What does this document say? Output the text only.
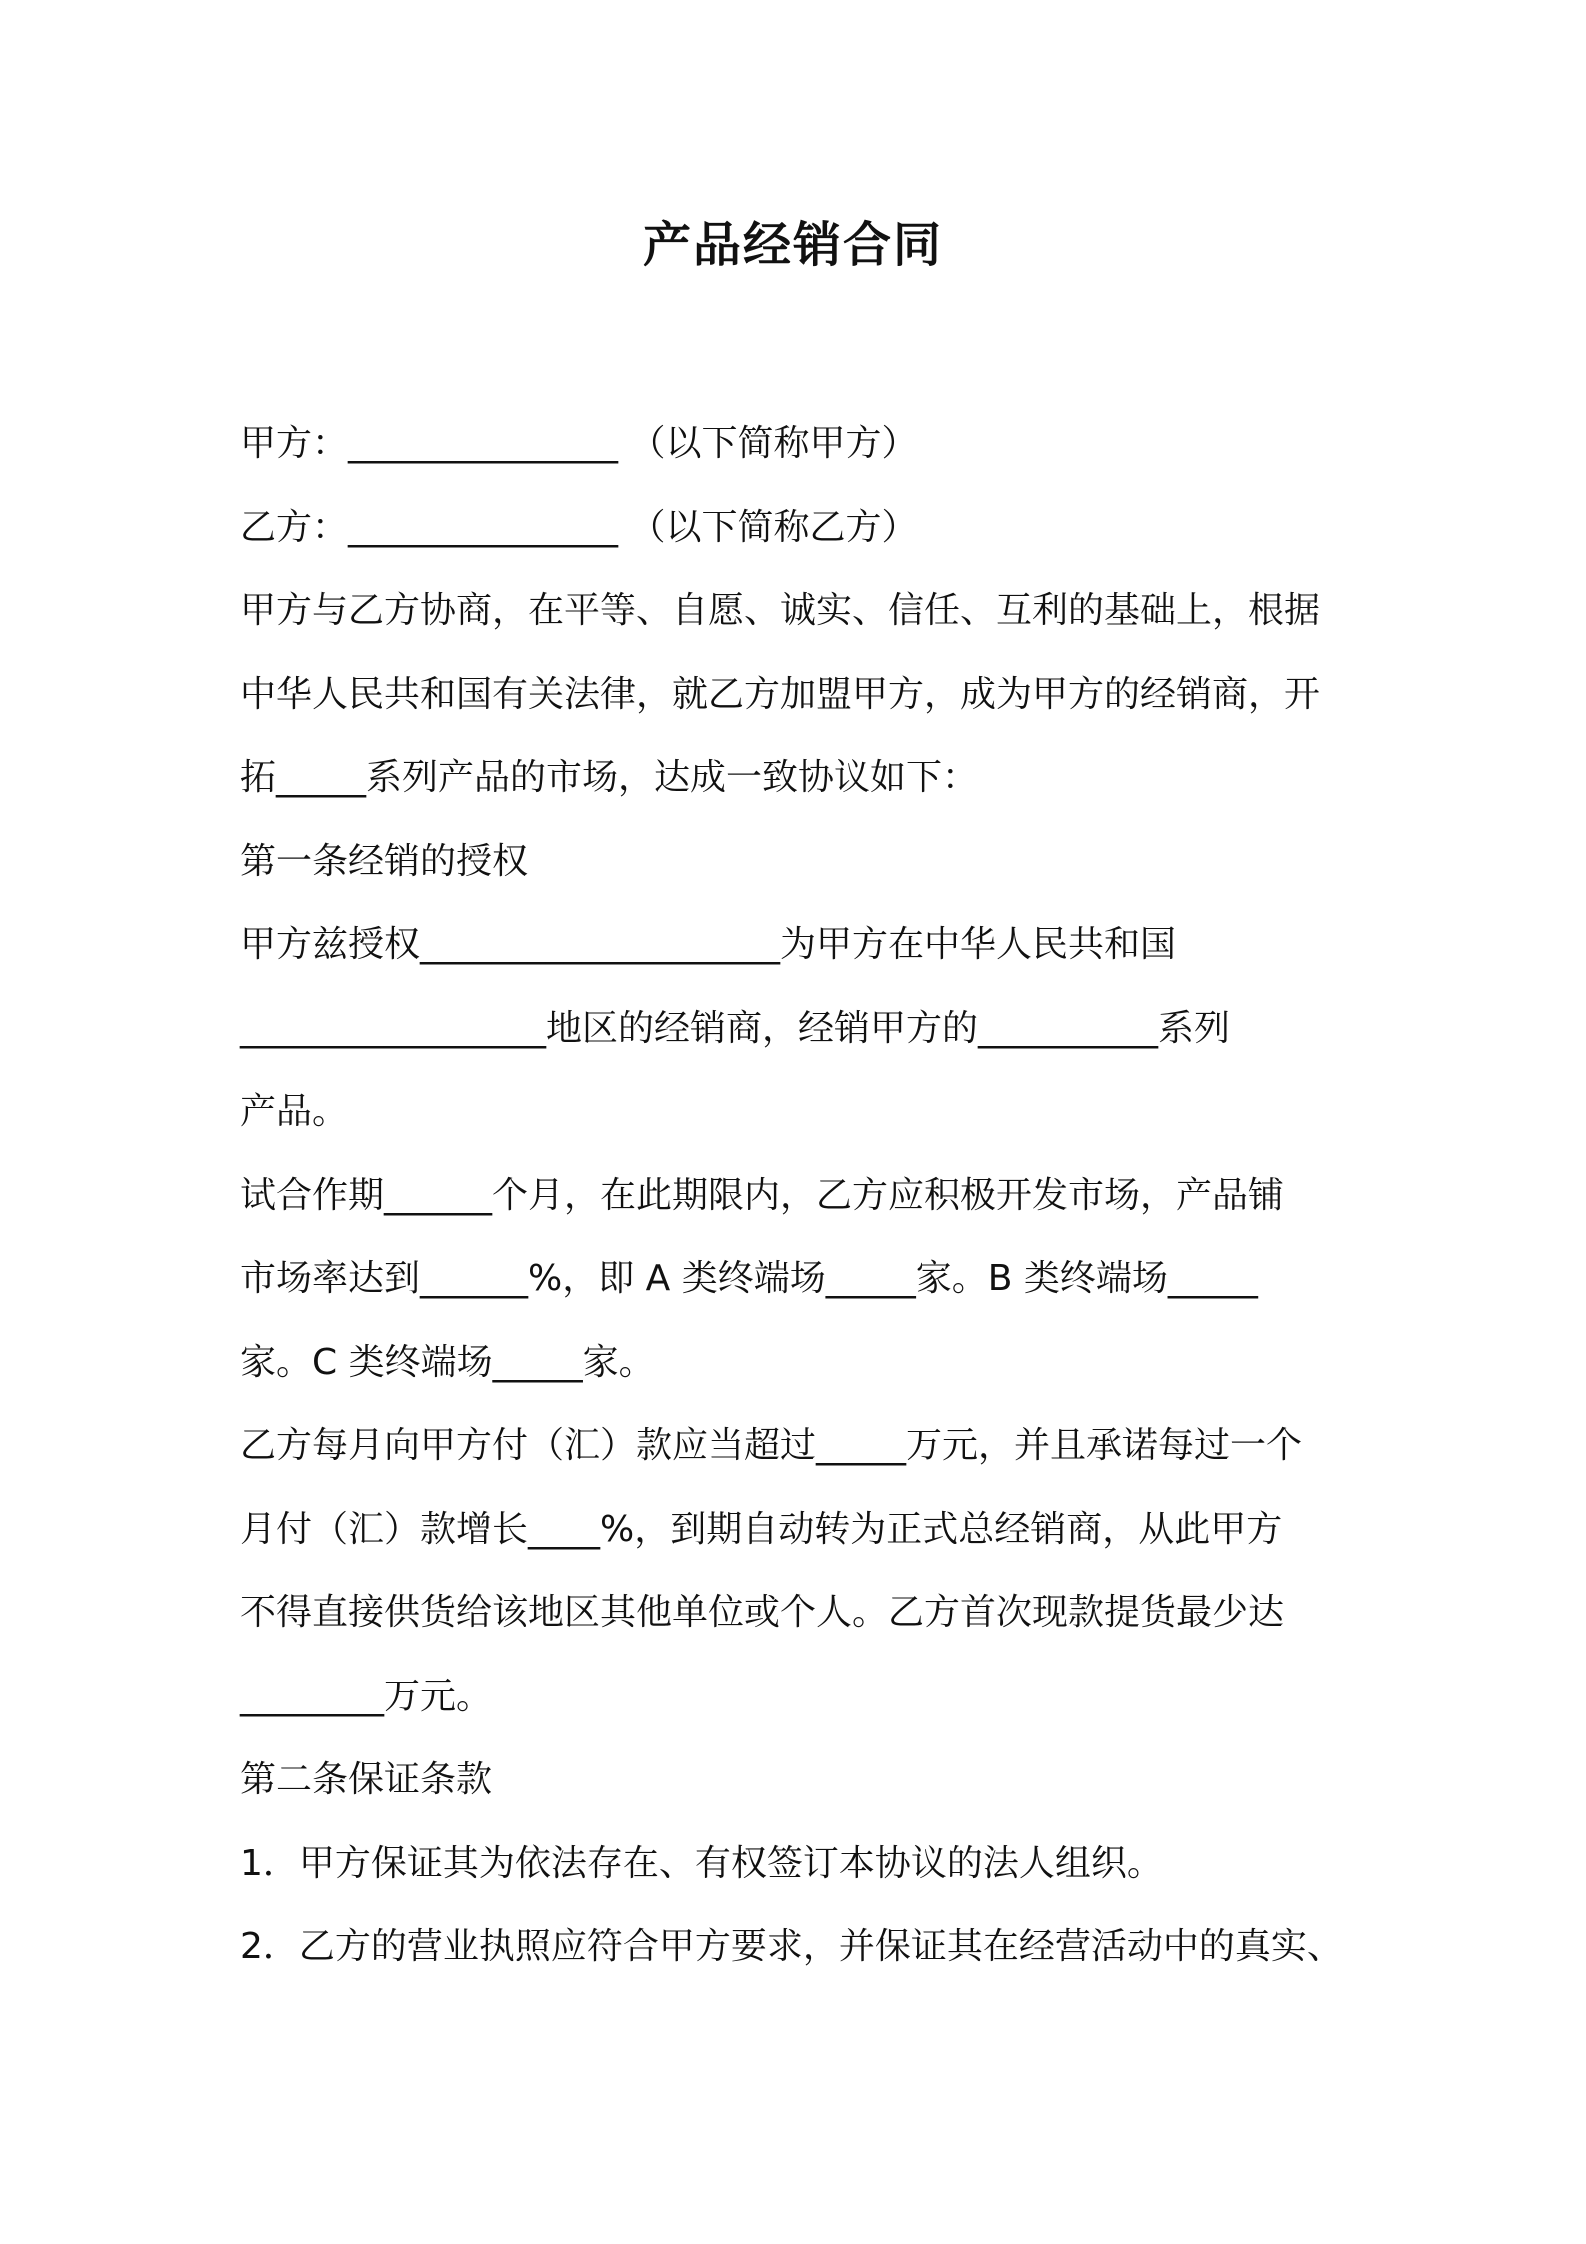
产品经销合同
甲方：_______________ （以下简称甲方）
乙方：_______________ （以下简称乙方）
甲方与乙方协商，在平等、自愿、诚实、信任、互利的基础上，根据
中华人民共和国有关法律，就乙方加盟甲方，成为甲方的经销商，开
拓_____系列产品的市场，达成一致协议如下：
第一条经销的授权
甲方兹授权____________________为甲方在中华人民共和国
_________________地区的经销商，经销甲方的__________系列
产品。
试合作期______个月，在此期限内，乙方应积极开发市场，产品铺
市场率达到______%，即 A 类终端场_____家。B 类终端场_____
家。C 类终端场_____家。
乙方每月向甲方付（汇）款应当超过_____万元，并且承诺每过一个
月付（汇）款增长____%，到期自动转为正式总经销商，从此甲方
不得直接供货给该地区其他单位或个人。乙方首次现款提货最少达
________万元。
第二条保证条款
1．甲方保证其为依法存在、有权签订本协议的法人组织。
2．乙方的营业执照应符合甲方要求，并保证其在经营活动中的真实、
